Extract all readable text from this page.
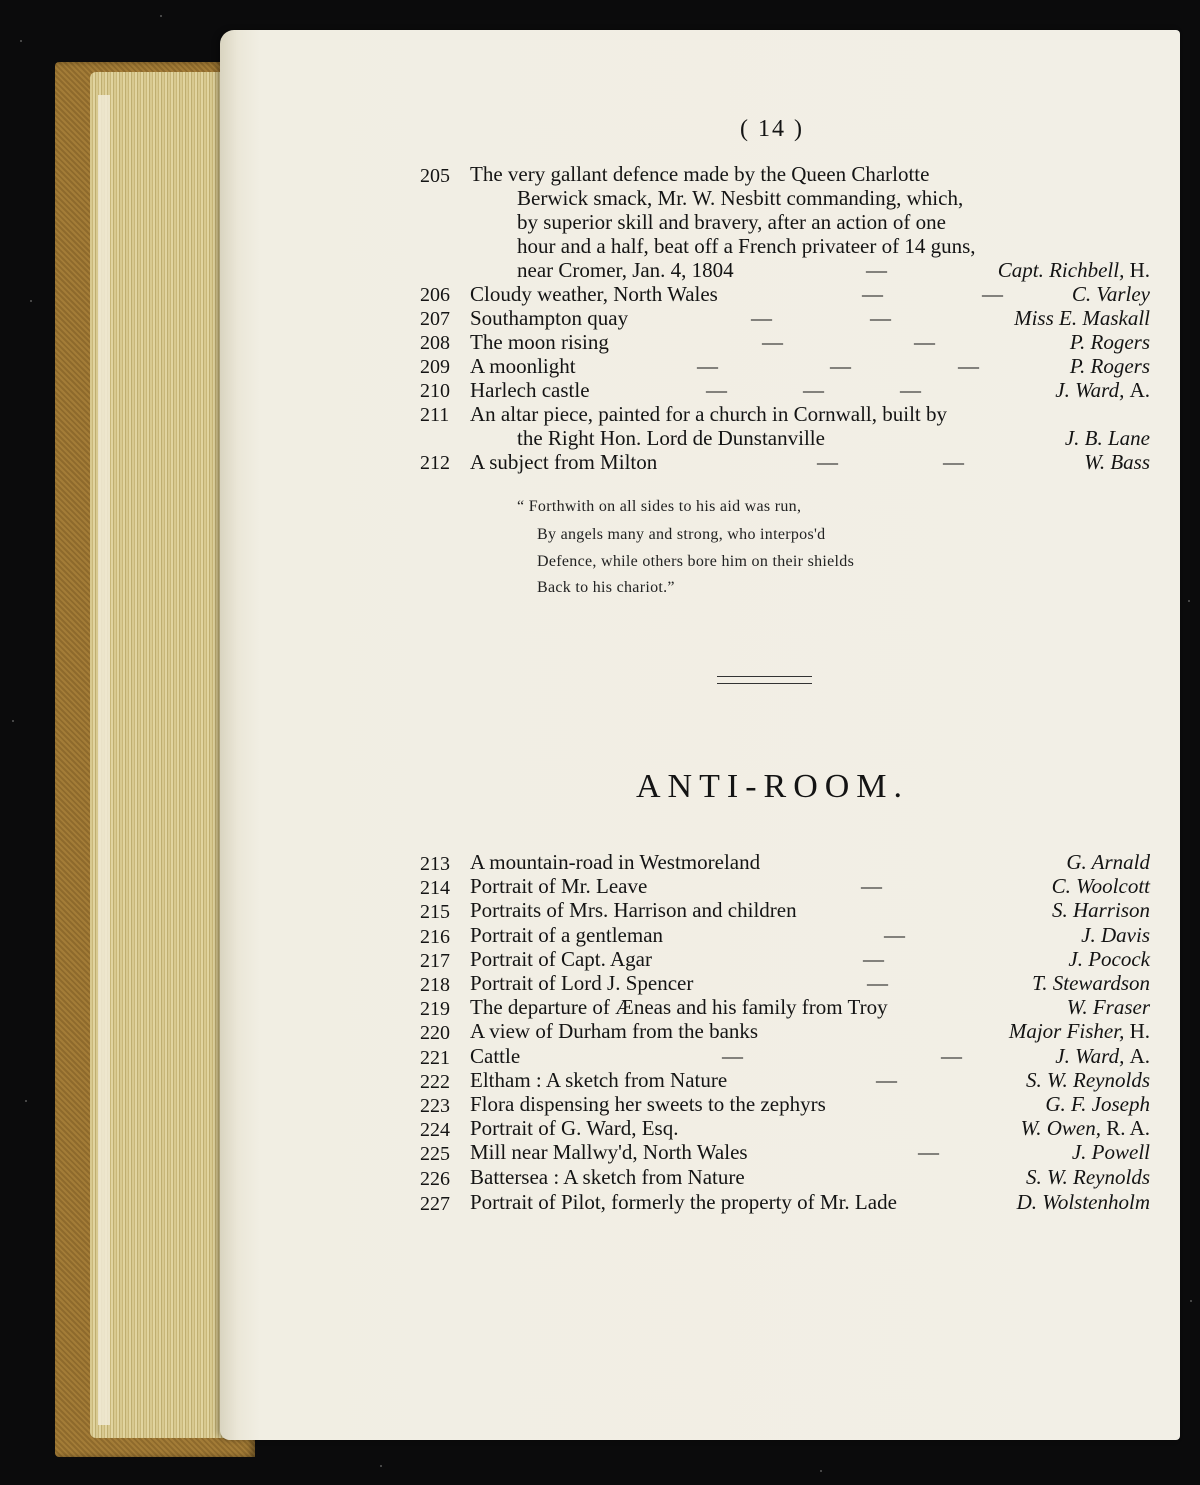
( 14 )
205 The very gallant defence made by the Queen Charlotte
Berwick smack, Mr. W. Nesbitt commanding, which,
by superior skill and bravery, after an action of one
hour and a half, beat off a French privateer of 14 guns,
near Cromer, Jan. 4, 1804	—	Capt. Richbell, H.
206 Cloudy weather, North Wales	—	—	C. Varley
207 Southampton quay	—	—	Miss E. Maskall
208 The moon rising	—	—	P. Rogers
209 A moonlight	—	—	—	P. Rogers
210 Harlech castle	—	—	—	J. Ward, A.
211 An altar piece, painted for a church in Cornwall, built by
the Right Hon. Lord de Dunstanville	J. B. Lane
212 A subject from Milton	—	—	W. Bass
“ Forthwith on all sides to his aid was run,
By angels many and strong, who interpos'd
Defence, while others bore him on their shields
Back to his chariot.”
ANTI-ROOM.
213 A mountain-road in Westmoreland	G. Arnald
214 Portrait of Mr. Leave	—	C. Woolcott
215 Portraits of Mrs. Harrison and children	S. Harrison
216 Portrait of a gentleman	—	J. Davis
217 Portrait of Capt. Agar	—	J. Pocock
218 Portrait of Lord J. Spencer	—	T. Stewardson
219 The departure of Æneas and his family from Troy	W. Fraser
220 A view of Durham from the banks	Major Fisher, H.
221 Cattle	—	—	J. Ward, A.
222 Eltham : A sketch from Nature	—	S. W. Reynolds
223 Flora dispensing her sweets to the zephyrs	G. F. Joseph
224 Portrait of G. Ward, Esq.	W. Owen, R. A.
225 Mill near Mallwy'd, North Wales	—	J. Powell
226 Battersea : A sketch from Nature	S. W. Reynolds
227 Portrait of Pilot, formerly the property of Mr. Lade	D. Wolstenholm
